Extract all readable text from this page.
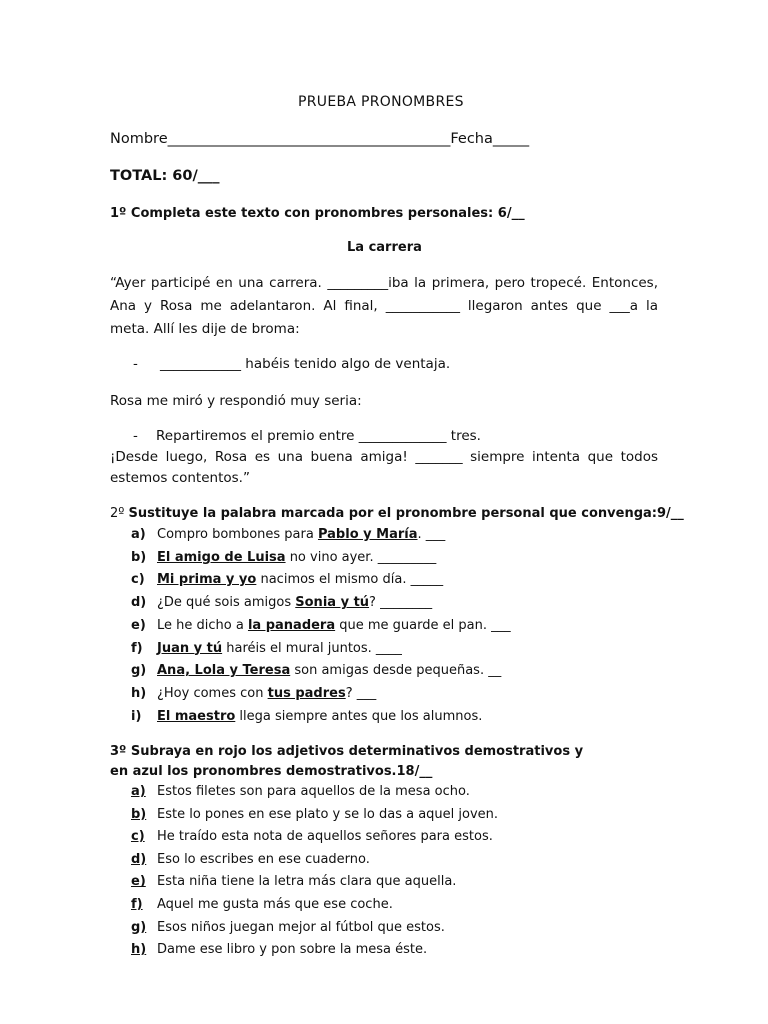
PRUEBA PRONOMBRES
Nombre_______________________________________Fecha_____
TOTAL: 60/___
1º Completa este texto con pronombres personales: 6/__
La carrera
“Ayer participé en una carrera. _________iba la primera, pero tropecé. Entonces,
Ana y Rosa me adelantaron. Al final, ___________ llegaron antes que ___a la
meta. Allí les dije de broma:
- ____________ habéis tenido algo de ventaja.
Rosa me miró y respondió muy seria:
- Repartiremos el premio entre _____________ tres.
¡Desde luego, Rosa es una buena amiga! _______ siempre intenta que todos
estemos contentos.”
2º Sustituye la palabra marcada por el pronombre personal que convenga:9/__
a) Compro bombones para Pablo y María. ___
b) El amigo de Luisa no vino ayer. _________
c) Mi prima y yo nacimos el mismo día. _____
d) ¿De qué sois amigos Sonia y tú? ________
e) Le he dicho a la panadera que me guarde el pan. ___
f) Juan y tú haréis el mural juntos. ____
g) Ana, Lola y Teresa son amigas desde pequeñas. __
h) ¿Hoy comes con tus padres? ___
i) El maestro llega siempre antes que los alumnos.
3º Subraya en rojo los adjetivos determinativos demostrativos y
en azul los pronombres demostrativos.18/__
a) Estos filetes son para aquellos de la mesa ocho.
b) Este lo pones en ese plato y se lo das a aquel joven.
c) He traído esta nota de aquellos señores para estos.
d) Eso lo escribes en ese cuaderno.
e) Esta niña tiene la letra más clara que aquella.
f) Aquel me gusta más que ese coche.
g) Esos niños juegan mejor al fútbol que estos.
h) Dame ese libro y pon sobre la mesa éste.
